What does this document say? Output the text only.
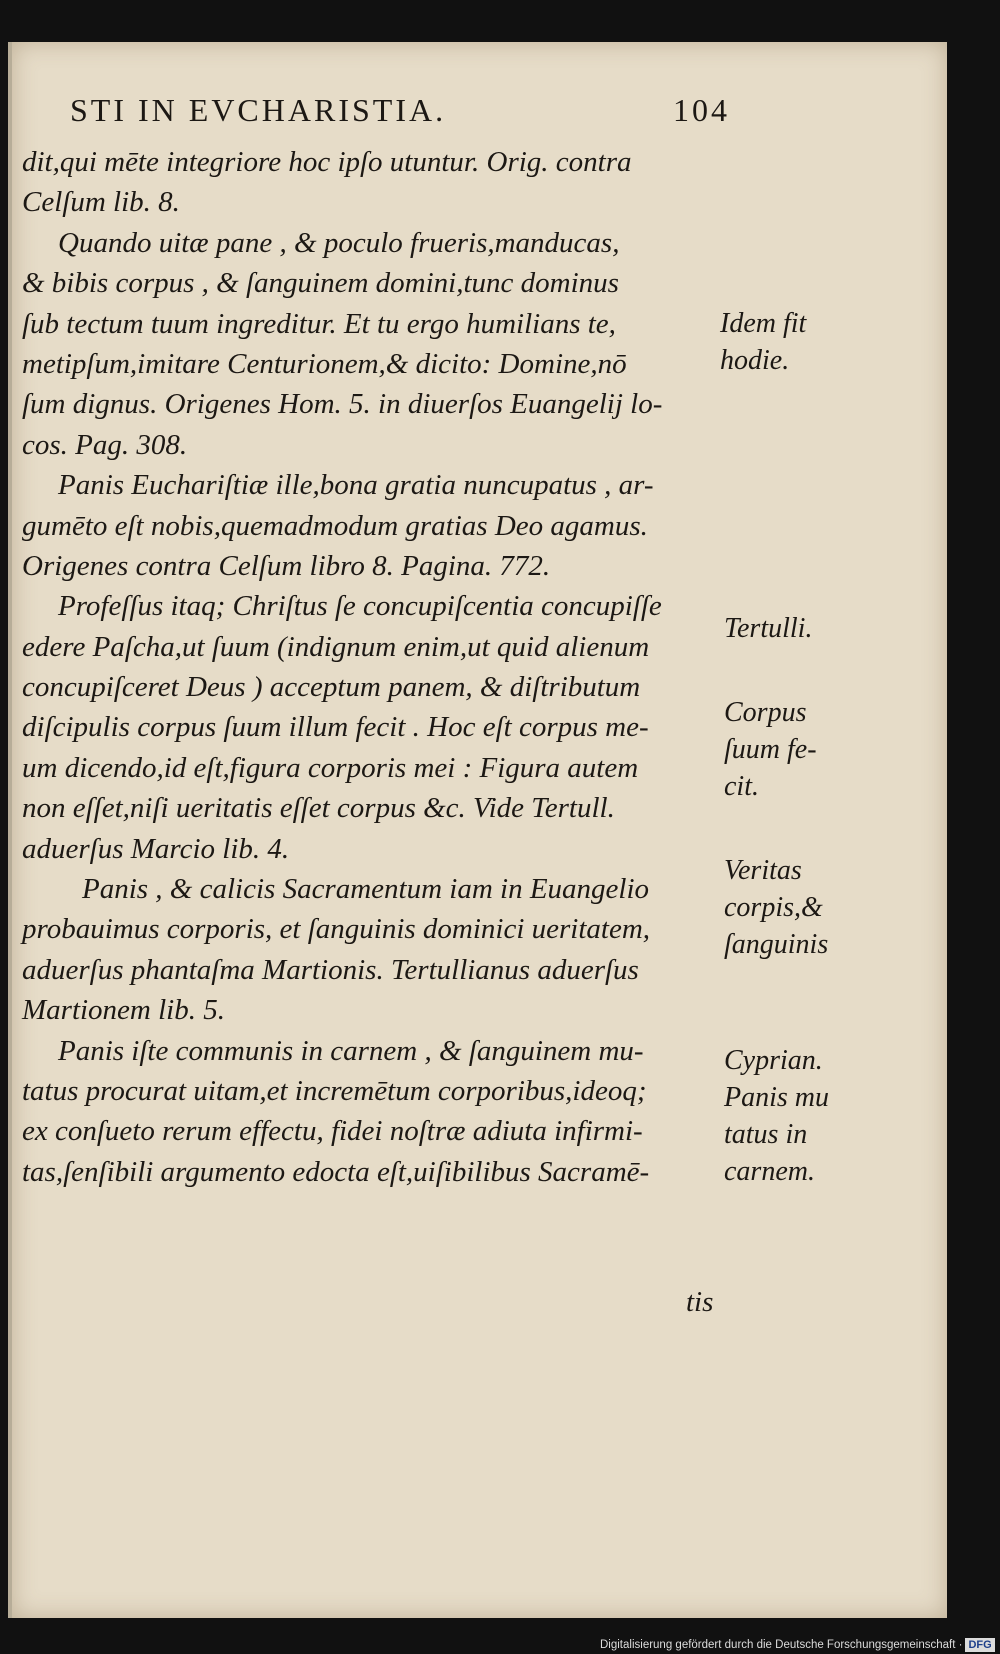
STI IN EVCHARISTIA.	104
dit,qui mēte integriore hoc ipſo utuntur. Orig. contra
Celſum lib. 8.
Quando uitæ pane , & poculo frueris,manducas,
& bibis corpus , & ſanguinem domini,tunc dominus
ſub tectum tuum ingreditur. Et tu ergo humilians te,
metipſum,imitare Centurionem,& dicito: Domine,nō
ſum dignus. Origenes Hom. 5. in diuerſos Euangelij lo-
cos. Pag. 308.
Panis Euchariſtiæ ille,bona gratia nuncupatus , ar-
gumēto eſt nobis,quemadmodum gratias Deo agamus.
Origenes contra Celſum libro 8. Pagina. 772.
Profeſſus itaq; Chriſtus ſe concupiſcentia concupiſſe
edere Paſcha,ut ſuum (indignum enim,ut quid alienum
concupiſceret Deus ) acceptum panem, & diſtributum
diſcipulis corpus ſuum illum fecit . Hoc eſt corpus me-
um dicendo,id eſt,figura corporis mei : Figura autem
non eſſet,niſi ueritatis eſſet corpus &c. Vide Tertull.
aduerſus Marcio lib. 4.
Panis , & calicis Sacramentum iam in Euangelio
probauimus corporis, et ſanguinis dominici ueritatem,
aduerſus phantaſma Martionis. Tertullianus aduerſus
Martionem lib. 5.
Panis iſte communis in carnem , & ſanguinem mu-
tatus procurat uitam,et incremētum corporibus,ideoq;
ex conſueto rerum effectu, fidei noſtræ adiuta infirmi-
tas,ſenſibili argumento edocta eſt,uiſibilibus Sacramē-
tis
Idem fit
hodie.
Tertulli.
Corpus
ſuum fe-
cit.
Veritas
corpis,&
ſanguinis
Cyprian.
Panis mu
tatus in
carnem.
Digitalisierung gefördert durch die Deutsche Forschungsgemeinschaft · DFG
